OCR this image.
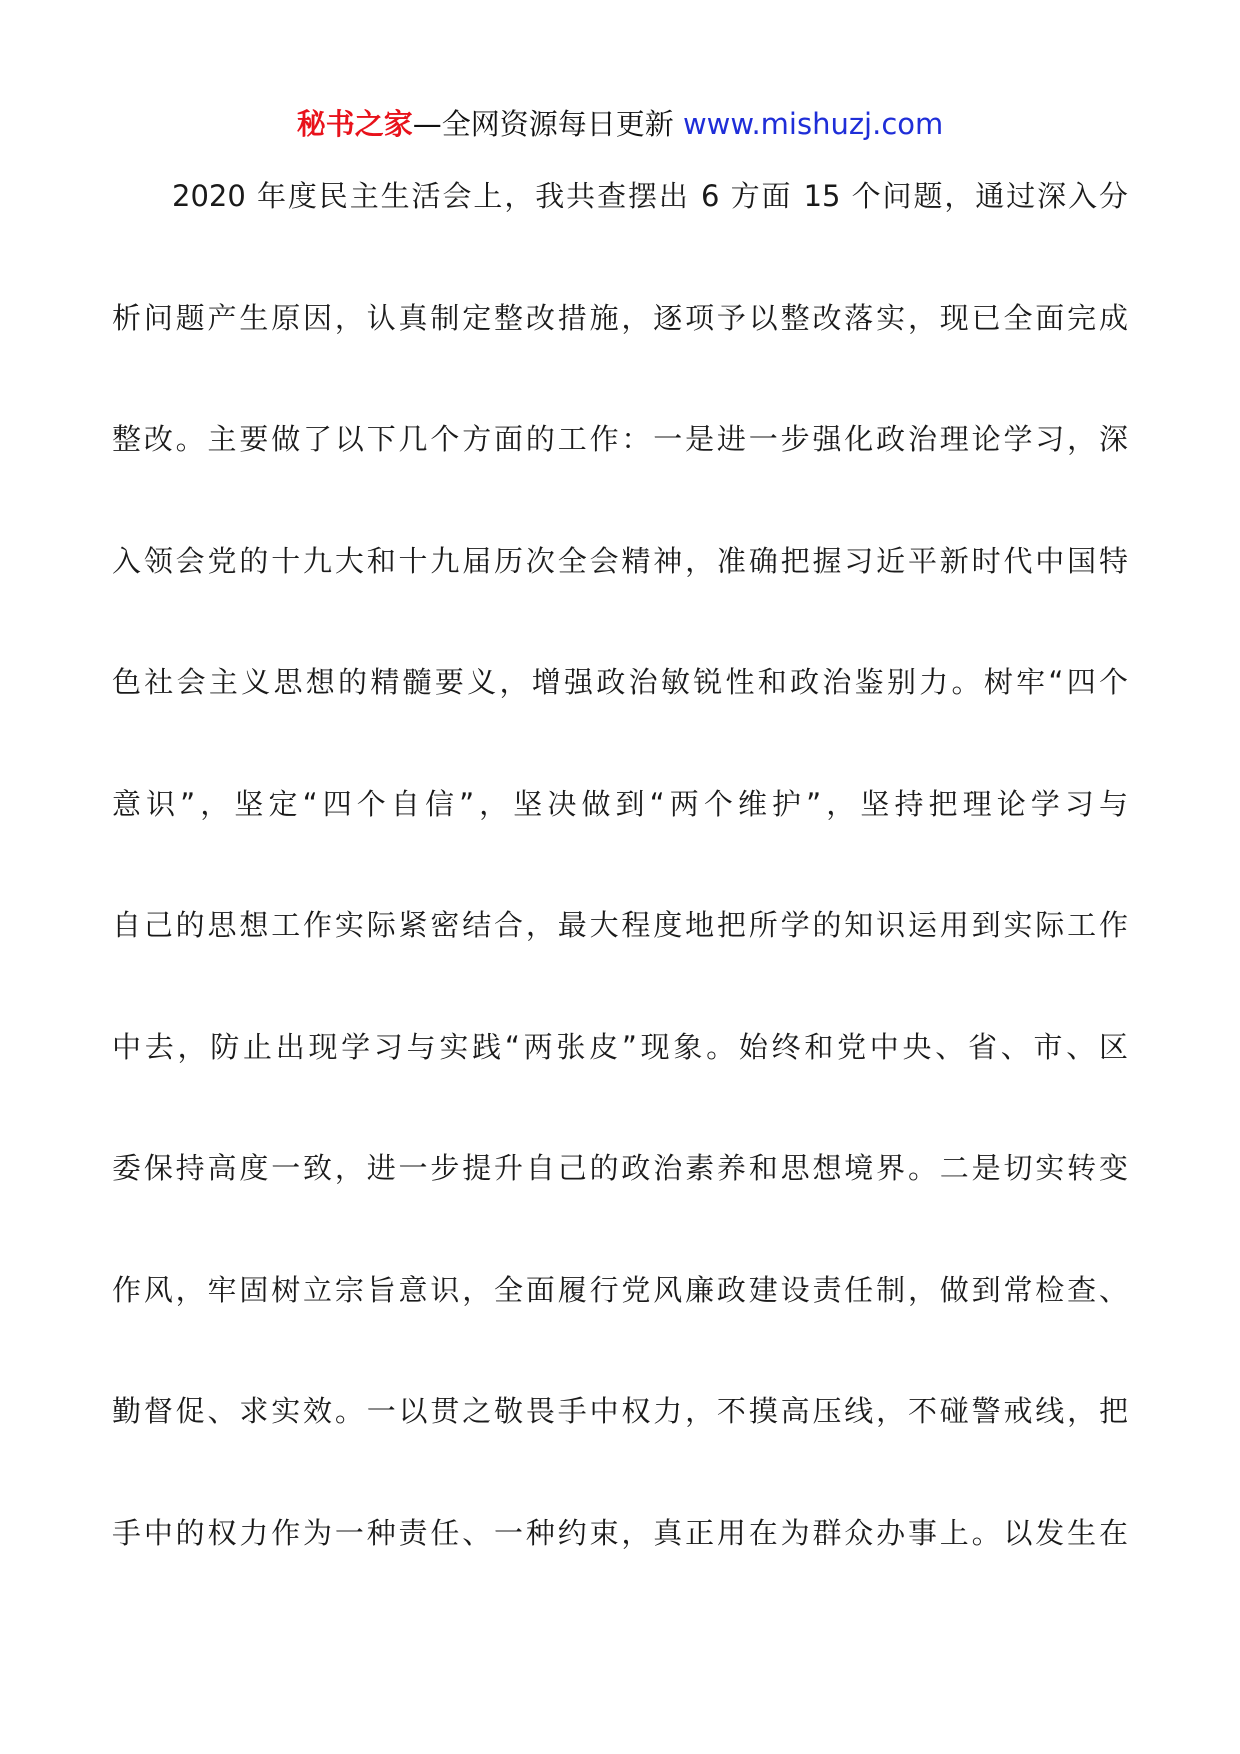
秘书之家—全网资源每日更新 www.mishuzj.com
2020 年度民主生活会上，我共查摆出 6 方面 15 个问题，通过深入分
析问题产生原因，认真制定整改措施，逐项予以整改落实，现已全面完成
整改。主要做了以下几个方面的工作：一是进一步强化政治理论学习，深
入领会党的十九大和十九届历次全会精神，准确把握习近平新时代中国特
色社会主义思想的精髓要义，增强政治敏锐性和政治鉴别力。树牢“四个
意识”，坚定“四个自信”，坚决做到“两个维护”，坚持把理论学习与
自己的思想工作实际紧密结合，最大程度地把所学的知识运用到实际工作
中去，防止出现学习与实践“两张皮”现象。始终和党中央、省、市、区
委保持高度一致，进一步提升自己的政治素养和思想境界。二是切实转变
作风，牢固树立宗旨意识，全面履行党风廉政建设责任制，做到常检查、
勤督促、求实效。一以贯之敬畏手中权力，不摸高压线，不碰警戒线，把
手中的权力作为一种责任、一种约束，真正用在为群众办事上。以发生在
